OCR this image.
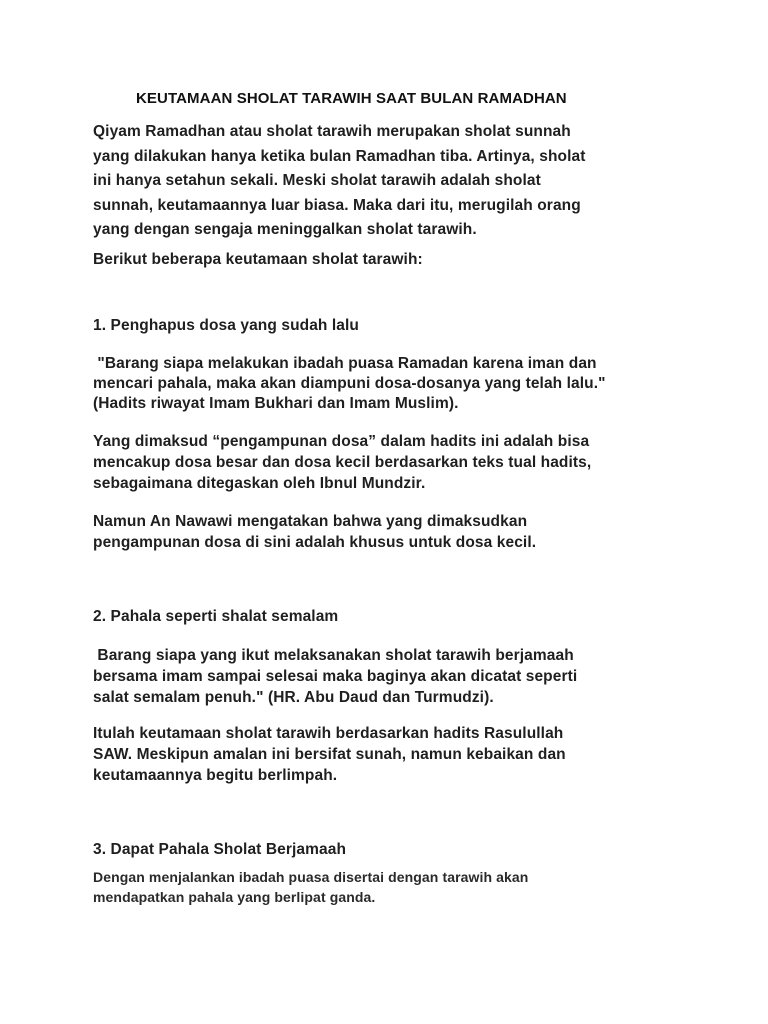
KEUTAMAAN SHOLAT TARAWIH SAAT BULAN RAMADHAN
Qiyam Ramadhan atau sholat tarawih merupakan sholat sunnah
yang dilakukan hanya ketika bulan Ramadhan tiba. Artinya, sholat
ini hanya setahun sekali. Meski sholat tarawih adalah sholat
sunnah, keutamaannya luar biasa. Maka dari itu, merugilah orang
yang dengan sengaja meninggalkan sholat tarawih.

Berikut beberapa keutamaan sholat tarawih:

1. Penghapus dosa yang sudah lalu
"Barang siapa melakukan ibadah puasa Ramadan karena iman dan
mencari pahala, maka akan diampuni dosa-dosanya yang telah lalu."
(Hadits riwayat Imam Bukhari dan Imam Muslim).
Yang dimaksud “pengampunan dosa” dalam hadits ini adalah bisa
mencakup dosa besar dan dosa kecil berdasarkan teks tual hadits,
sebagaimana ditegaskan oleh Ibnul Mundzir.
Namun An Nawawi mengatakan bahwa yang dimaksudkan
pengampunan dosa di sini adalah khusus untuk dosa kecil.
2. Pahala seperti shalat semalam
Barang siapa yang ikut melaksanakan sholat tarawih berjamaah
bersama imam sampai selesai maka baginya akan dicatat seperti
salat semalam penuh." (HR. Abu Daud dan Turmudzi).
Itulah keutamaan sholat tarawih berdasarkan hadits Rasulullah
SAW. Meskipun amalan ini bersifat sunah, namun kebaikan dan
keutamaannya begitu berlimpah.
3. Dapat Pahala Sholat Berjamaah
Dengan menjalankan ibadah puasa disertai dengan tarawih akan
mendapatkan pahala yang berlipat ganda.
